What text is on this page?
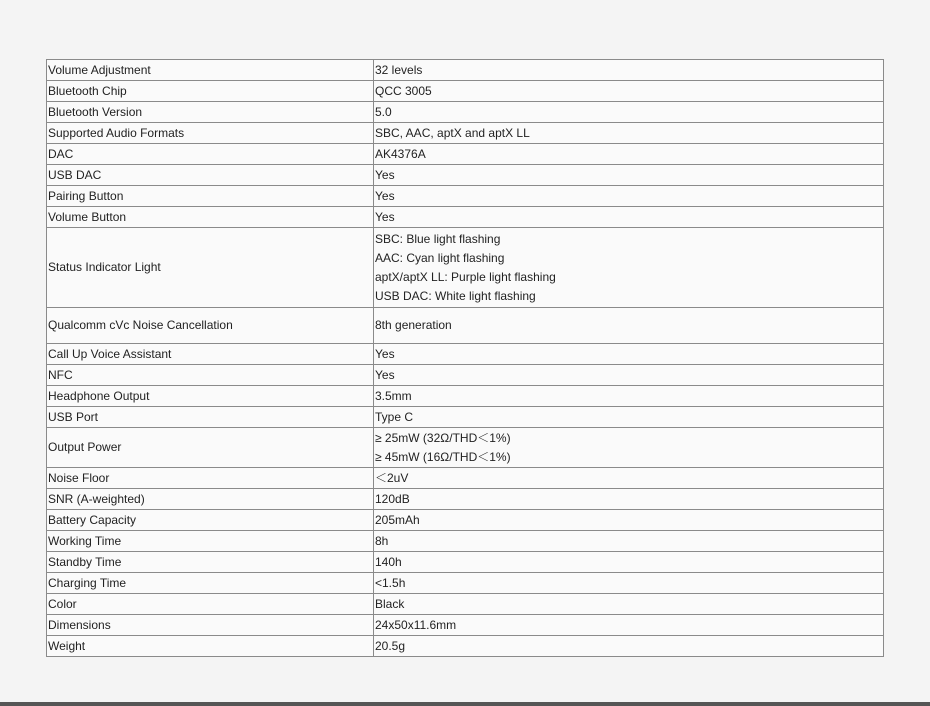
Volume Adjustment	32 levels

Bluetooth Chip	QCC 3005

Bluetooth Version	5.0

Supported Audio Formats	SBC, AAC, aptX and aptX LL

DAC	AK4376A

USB DAC	Yes

Pairing Button	Yes

Volume Button	Yes

Status Indicator Light	SBC: Blue light flashing
AAC: Cyan light flashing
aptX/aptX LL: Purple light flashing
USB DAC: White light flashing

Qualcomm cVc Noise Cancellation	8th generation

Call Up Voice Assistant	Yes

NFC	Yes

Headphone Output	3.5mm

USB Port	Type C

Output Power	≥ 25mW (32Ω/THD＜1%)
≥ 45mW (16Ω/THD＜1%)

Noise Floor	＜2uV

SNR (A-weighted)	120dB

Battery Capacity	205mAh

Working Time	8h

Standby Time	140h

Charging Time	<1.5h

Color	Black

Dimensions	24x50x11.6mm

Weight	20.5g
